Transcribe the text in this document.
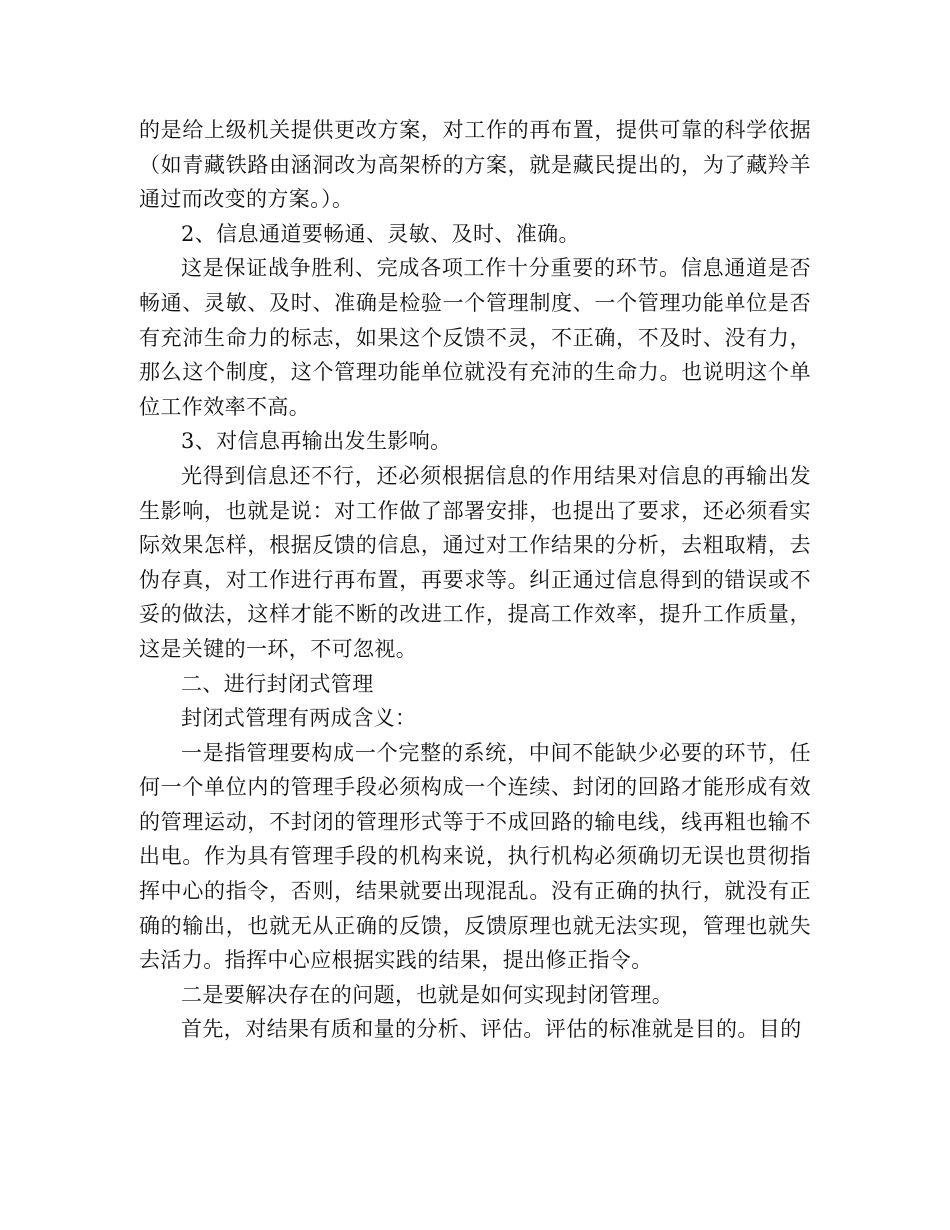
的是给上级机关提供更改方案，对工作的再布置，提供可靠的科学依据（如青藏铁路由涵洞改为高架桥的方案，就是藏民提出的，为了藏羚羊通过而改变的方案。）。

2、信息通道要畅通、灵敏、及时、准确。

这是保证战争胜利、完成各项工作十分重要的环节。信息通道是否畅通、灵敏、及时、准确是检验一个管理制度、一个管理功能单位是否有充沛生命力的标志，如果这个反馈不灵，不正确，不及时、没有力，那么这个制度，这个管理功能单位就没有充沛的生命力。也说明这个单位工作效率不高。

3、对信息再输出发生影响。

光得到信息还不行，还必须根据信息的作用结果对信息的再输出发生影响，也就是说：对工作做了部署安排，也提出了要求，还必须看实际效果怎样，根据反馈的信息，通过对工作结果的分析，去粗取精，去伪存真，对工作进行再布置，再要求等。纠正通过信息得到的错误或不妥的做法，这样才能不断的改进工作，提高工作效率，提升工作质量，这是关键的一环，不可忽视。

二、进行封闭式管理

封闭式管理有两成含义：

一是指管理要构成一个完整的系统，中间不能缺少必要的环节，任何一个单位内的管理手段必须构成一个连续、封闭的回路才能形成有效的管理运动，不封闭的管理形式等于不成回路的输电线，线再粗也输不出电。作为具有管理手段的机构来说，执行机构必须确切无误也贯彻指挥中心的指令，否则，结果就要出现混乱。没有正确的执行，就没有正确的输出，也就无从正确的反馈，反馈原理也就无法实现，管理也就失去活力。指挥中心应根据实践的结果，提出修正指令。

二是要解决存在的问题，也就是如何实现封闭管理。

首先，对结果有质和量的分析、评估。评估的标准就是目的。目的
